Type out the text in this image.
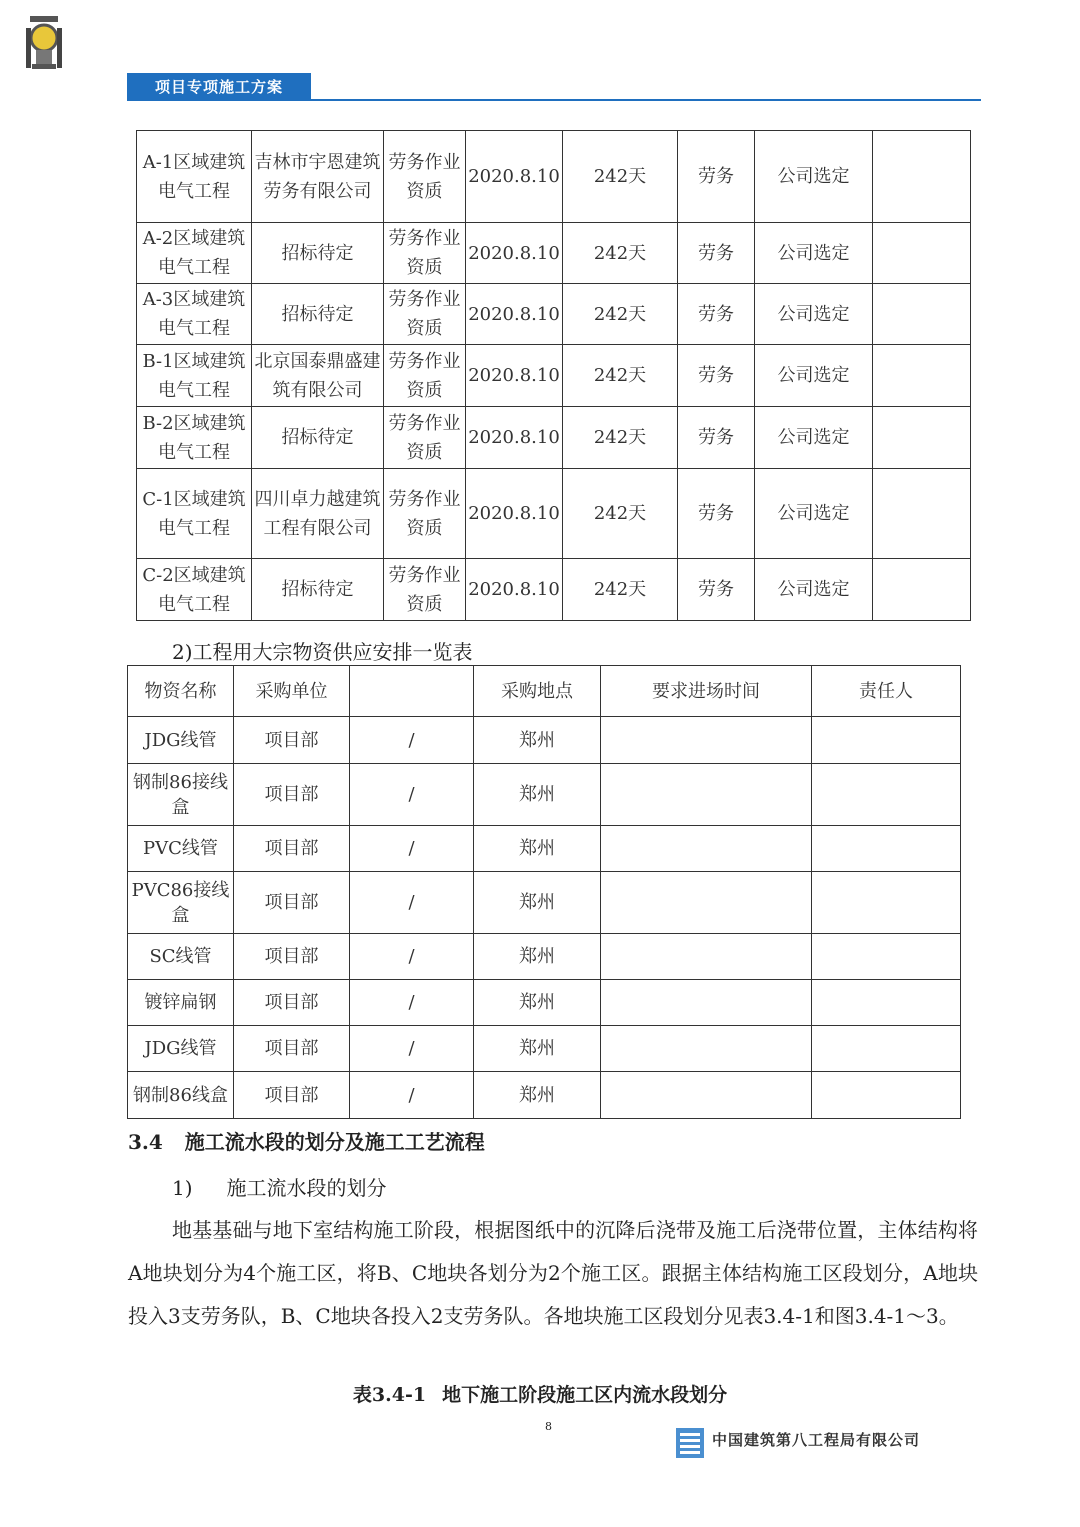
项目专项施工方案
A-1区域建筑电气工程	吉林市宇恩建筑劳务有限公司	劳务作业资质	2020.8.10	242天	劳务	公司选定	
A-2区域建筑电气工程	招标待定	劳务作业资质	2020.8.10	242天	劳务	公司选定	
A-3区域建筑电气工程	招标待定	劳务作业资质	2020.8.10	242天	劳务	公司选定	
B-1区域建筑电气工程	北京国泰鼎盛建筑有限公司	劳务作业资质	2020.8.10	242天	劳务	公司选定	
B-2区域建筑电气工程	招标待定	劳务作业资质	2020.8.10	242天	劳务	公司选定	
C-1区域建筑电气工程	四川卓力越建筑工程有限公司	劳务作业资质	2020.8.10	242天	劳务	公司选定	
C-2区域建筑电气工程	招标待定	劳务作业资质	2020.8.10	242天	劳务	公司选定	
2)工程用大宗物资供应安排一览表
物资名称	采购单位		采购地点	要求进场时间	责任人
JDG线管	项目部	/	郑州		
钢制86接线盒	项目部	/	郑州		
PVC线管	项目部	/	郑州		
PVC86接线盒	项目部	/	郑州		
SC线管	项目部	/	郑州		
镀锌扁钢	项目部	/	郑州		
JDG线管	项目部	/	郑州		
钢制86线盒	项目部	/	郑州		
3.4 施工流水段的划分及施工工艺流程
1) 施工流水段的划分

地基基础与地下室结构施工阶段，根据图纸中的沉降后浇带及施工后浇带位置，主体结构将A地块划分为4个施工区，将B、C地块各划分为2个施工区。跟据主体结构施工区段划分，A地块投入3支劳务队，B、C地块各投入2支劳务队。各地块施工区段划分见表3.4-1和图3.4-1～3。

表3.4-1 地下施工阶段施工区内流水段划分
8
中国建筑第八工程局有限公司
